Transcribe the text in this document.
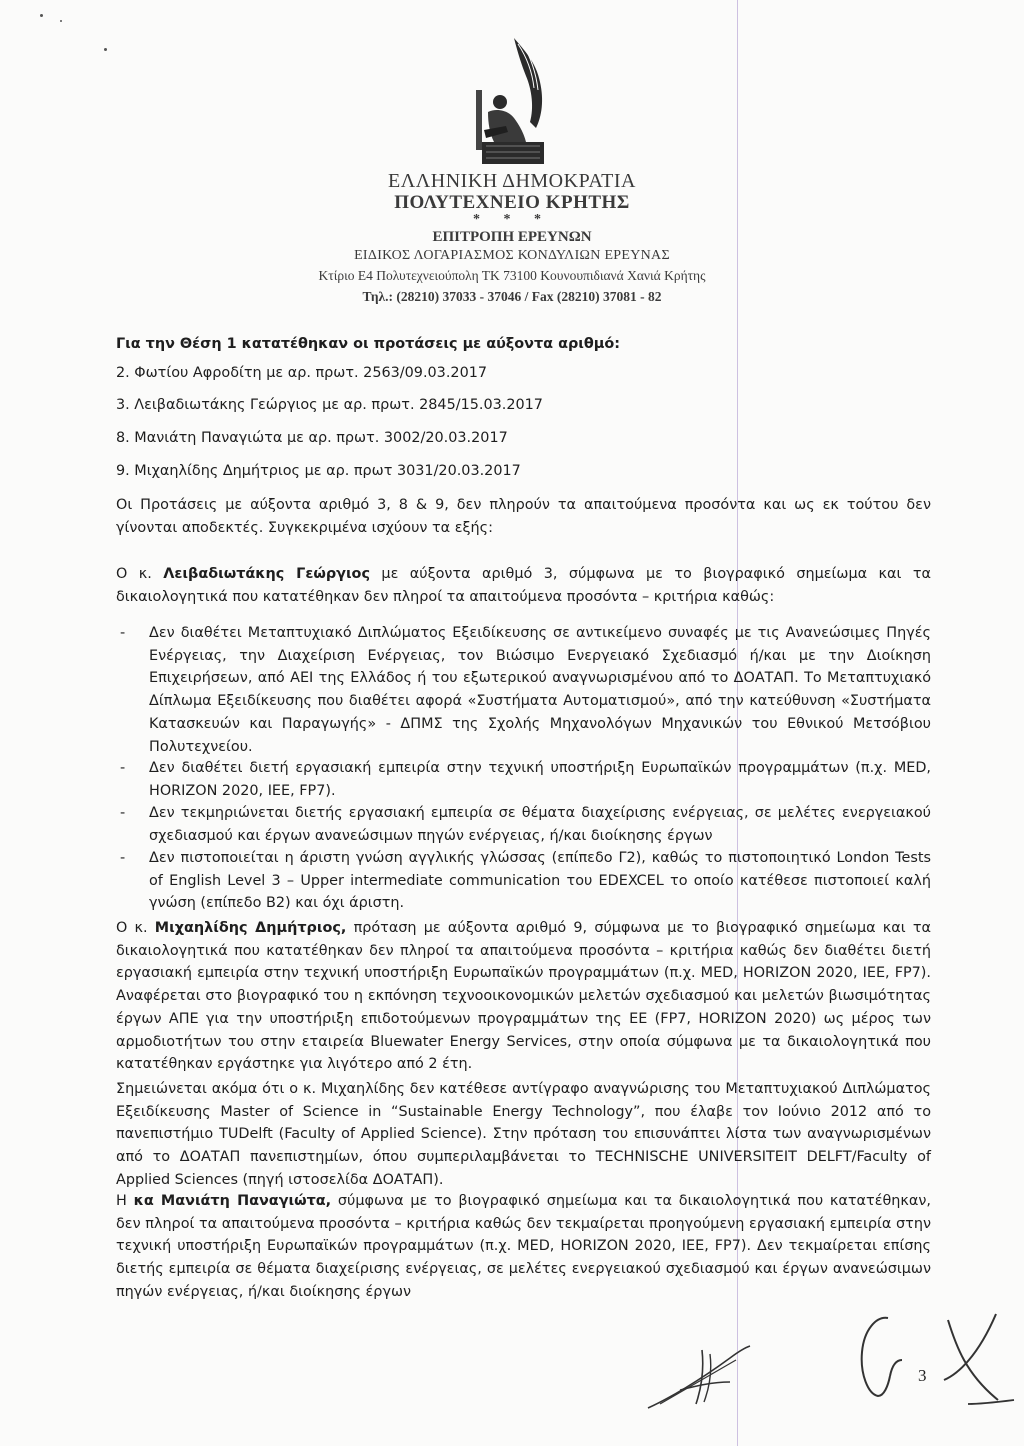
ΕΛΛΗΝΙΚΗ ΔΗΜΟΚΡΑΤΙΑ
ΠΟΛΥΤΕΧΝΕΙΟ ΚΡΗΤΗΣ
* * *
ΕΠΙΤΡΟΠΗ ΕΡΕΥΝΩΝ
ΕΙΔΙΚΟΣ ΛΟΓΑΡΙΑΣΜΟΣ ΚΟΝΔΥΛΙΩΝ ΕΡΕΥΝΑΣ
Κτίριο Ε4 Πολυτεχνειούπολη ΤΚ 73100 Κουνουπιδιανά Χανιά Κρήτης
Τηλ.: (28210) 37033 - 37046 / Fax (28210) 37081 - 82
Για την Θέση 1 κατατέθηκαν οι προτάσεις με αύξοντα αριθμό:
2. Φωτίου Αφροδίτη με αρ. πρωτ. 2563/09.03.2017
3. Λειβαδιωτάκης Γεώργιος με αρ. πρωτ. 2845/15.03.2017
8. Μανιάτη Παναγιώτα με αρ. πρωτ. 3002/20.03.2017
9. Μιχαηλίδης Δημήτριος με αρ. πρωτ 3031/20.03.2017
Οι Προτάσεις με αύξοντα αριθμό 3, 8 & 9, δεν πληρούν τα απαιτούμενα προσόντα και ως εκ τούτου δεν γίνονται αποδεκτές. Συγκεκριμένα ισχύουν τα εξής:
Ο κ. Λειβαδιωτάκης Γεώργιος με αύξοντα αριθμό 3, σύμφωνα με το βιογραφικό σημείωμα και τα δικαιολογητικά που κατατέθηκαν δεν πληροί τα απαιτούμενα προσόντα – κριτήρια καθώς:
- Δεν διαθέτει Μεταπτυχιακό Διπλώματος Εξειδίκευσης σε αντικείμενο συναφές με τις Ανανεώσιμες Πηγές Ενέργειας, την Διαχείριση Ενέργειας, τον Βιώσιμο Ενεργειακό Σχεδιασμό ή/και με την Διοίκηση Επιχειρήσεων, από ΑΕΙ της Ελλάδος ή του εξωτερικού αναγνωρισμένου από το ΔΟΑΤΑΠ. Το Μεταπτυχιακό Δίπλωμα Εξειδίκευσης που διαθέτει αφορά «Συστήματα Αυτοματισμού», από την κατεύθυνση «Συστήματα Κατασκευών και Παραγωγής» - ΔΠΜΣ της Σχολής Μηχανολόγων Μηχανικών του Εθνικού Μετσόβιου Πολυτεχνείου.
- Δεν διαθέτει διετή εργασιακή εμπειρία στην τεχνική υποστήριξη Ευρωπαϊκών προγραμμάτων (π.χ. MED, HORIZON 2020, IEE, FP7).
- Δεν τεκμηριώνεται διετής εργασιακή εμπειρία σε θέματα διαχείρισης ενέργειας, σε μελέτες ενεργειακού σχεδιασμού και έργων ανανεώσιμων πηγών ενέργειας, ή/και διοίκησης έργων
- Δεν πιστοποιείται η άριστη γνώση αγγλικής γλώσσας (επίπεδο Γ2), καθώς το πιστοποιητικό London Tests of English Level 3 – Upper intermediate communication του EDEXCEL το οποίο κατέθεσε πιστοποιεί καλή γνώση (επίπεδο Β2) και όχι άριστη.
Ο κ. Μιχαηλίδης Δημήτριος, πρόταση με αύξοντα αριθμό 9, σύμφωνα με το βιογραφικό σημείωμα και τα δικαιολογητικά που κατατέθηκαν δεν πληροί τα απαιτούμενα προσόντα – κριτήρια καθώς δεν διαθέτει διετή εργασιακή εμπειρία στην τεχνική υποστήριξη Ευρωπαϊκών προγραμμάτων (π.χ. MED, HORIZON 2020, IEE, FP7). Αναφέρεται στο βιογραφικό του η εκπόνηση τεχνοοικονομικών μελετών σχεδιασμού και μελετών βιωσιμότητας έργων ΑΠΕ για την υποστήριξη επιδοτούμενων προγραμμάτων της ΕΕ (FP7, HORIZON 2020) ως μέρος των αρμοδιοτήτων του στην εταιρεία Bluewater Energy Services, στην οποία σύμφωνα με τα δικαιολογητικά που κατατέθηκαν εργάστηκε για λιγότερο από 2 έτη.
Σημειώνεται ακόμα ότι ο κ. Μιχαηλίδης δεν κατέθεσε αντίγραφο αναγνώρισης του Μεταπτυχιακού Διπλώματος Εξειδίκευσης Master of Science in “Sustainable Energy Technology”, που έλαβε τον Ιούνιο 2012 από το πανεπιστήμιο TUDelft (Faculty of Applied Science). Στην πρόταση του επισυνάπτει λίστα των αναγνωρισμένων από το ΔΟΑΤΑΠ πανεπιστημίων, όπου συμπεριλαμβάνεται το TECHNISCHE UNIVERSITEIT DELFT/Faculty of Applied Sciences (πηγή ιστοσελίδα ΔΟΑΤΑΠ).
Η κα Μανιάτη Παναγιώτα, σύμφωνα με το βιογραφικό σημείωμα και τα δικαιολογητικά που κατατέθηκαν, δεν πληροί τα απαιτούμενα προσόντα – κριτήρια καθώς δεν τεκμαίρεται προηγούμενη εργασιακή εμπειρία στην τεχνική υποστήριξη Ευρωπαϊκών προγραμμάτων (π.χ. MED, HORIZON 2020, IEE, FP7). Δεν τεκμαίρεται επίσης διετής εμπειρία σε θέματα διαχείρισης ενέργειας, σε μελέτες ενεργειακού σχεδιασμού και έργων ανανεώσιμων πηγών ενέργειας, ή/και διοίκησης έργων
3
